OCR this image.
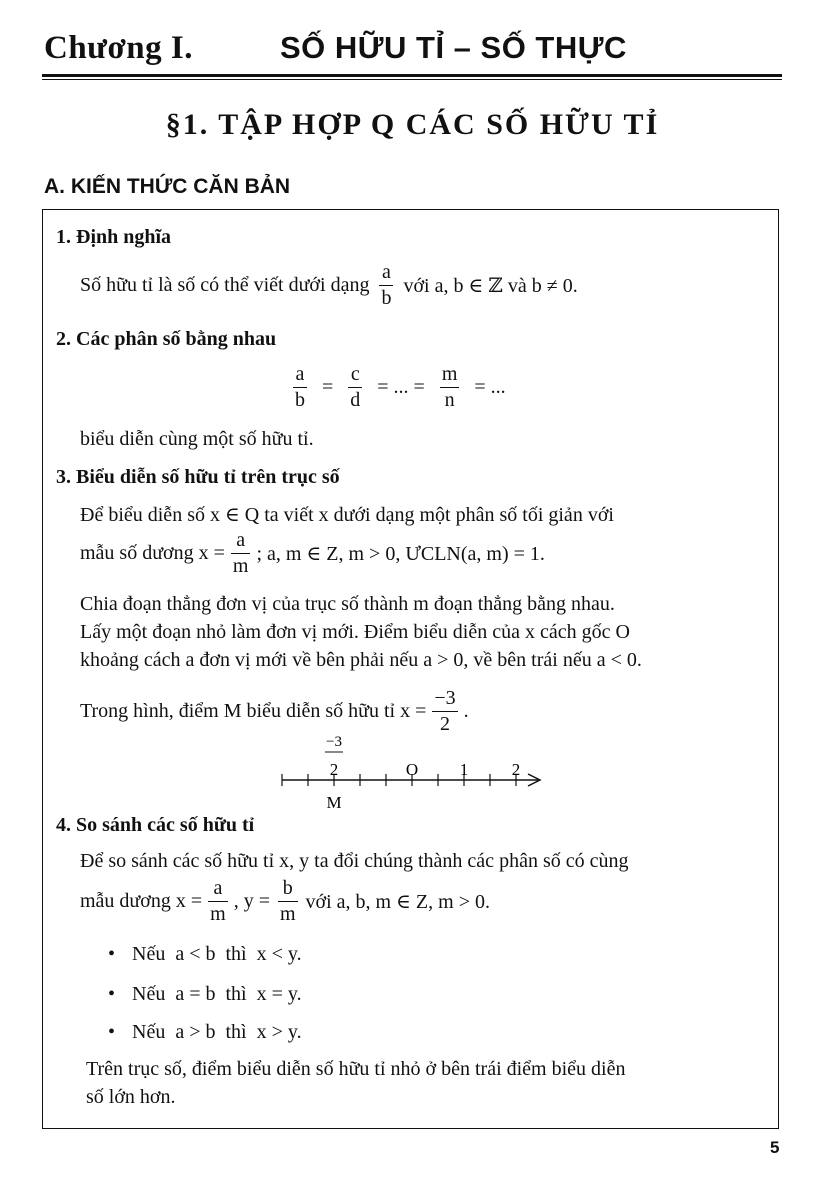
Chương I.	SỐ HỮU TỈ – SỐ THỰC
§1. TẬP HỢP Q CÁC SỐ HỮU TỈ
A. KIẾN THỨC CĂN BẢN
1. Định nghĩa
Số hữu tỉ là số có thể viết dưới dạng $\frac{a}{b}$ với a, b ∈ ℤ và b ≠ 0.
2. Các phân số bằng nhau
$\frac{a}{b} = \frac{c}{d}$ = ... = $\frac{m}{n}$ = ...
biểu diễn cùng một số hữu tỉ.
3. Biểu diễn số hữu tỉ trên trục số
Để biểu diễn số x ∈ Q ta viết x dưới dạng một phân số tối giản với
mẫu số dương $x = \frac{a}{m}$ ; a, m ∈ Z, m > 0, ƯCLN(a, m) = 1.
Chia đoạn thẳng đơn vị của trục số thành m đoạn thẳng bằng nhau.
Lấy một đoạn nhỏ làm đơn vị mới. Điểm biểu diễn của x cách gốc O
khoảng cách a đơn vị mới về bên phải nếu a > 0, về bên trái nếu a < 0.
Trong hình, điểm M biểu diễn số hữu tỉ $x = \frac{-3}{2}$ .
−3
2	O 1	2
M
4. So sánh các số hữu tỉ
Để so sánh các số hữu tỉ x, y ta đổi chúng thành các phân số có cùng
mẫu dương $x = \frac{a}{m}$ , $y = \frac{b}{m}$ với a, b, m ∈ Z, m > 0.
• Nếu  a < b  thì  x < y.
• Nếu  a = b  thì  x = y.
• Nếu  a > b  thì  x > y.
Trên trục số, điểm biểu diễn số hữu tỉ nhỏ ở bên trái điểm biểu diễn
số lớn hơn.
5
